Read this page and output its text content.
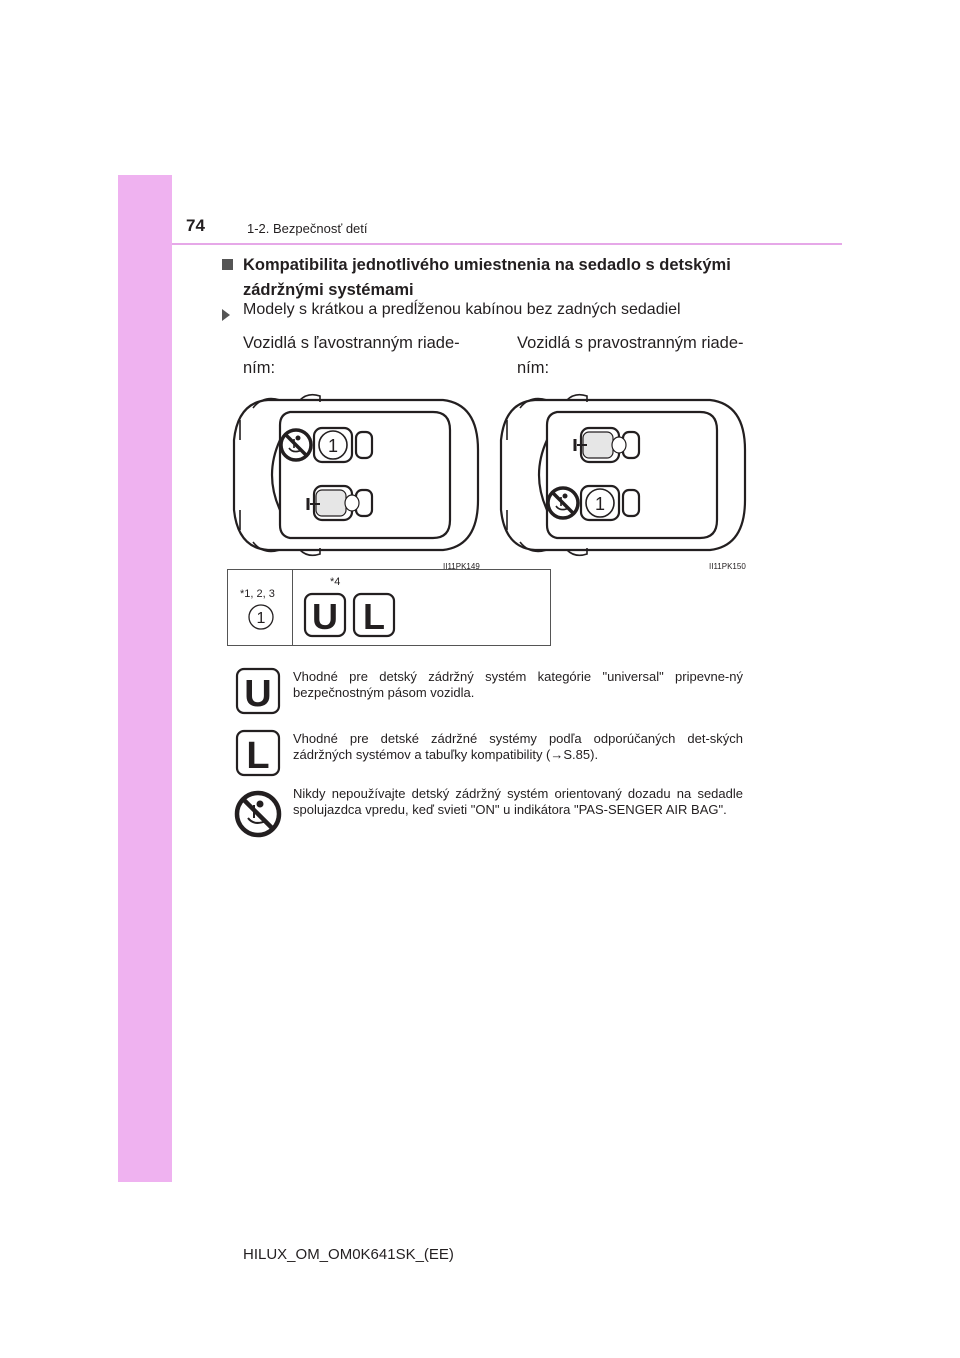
74	1-2. Bezpečnosť detí
Kompatibilita jednotlivého umiestnenia na sedadlo s detskými zádržnými systémami
Modely s krátkou a predĺženou kabínou bez zadných sedadiel
Vozidlá s ľavostranným riade-ním:
Vozidlá s pravostranným riade-ním:
1
II11PK149
1
II11PK150
*1, 2, 3
*4
1 U L
U Vhodné pre detský zádržný systém kategórie "universal" pripevne-ný bezpečnostným pásom vozidla.
L Vhodné pre detské zádržné systémy podľa odporúčaných det-ských zádržných systémov a tabuľky kompatibility (→S.85).
Nikdy nepoužívajte detský zádržný systém orientovaný dozadu na sedadle spolujazdca vpredu, keď svieti "ON" u indikátora "PAS-SENGER AIR BAG".
HILUX_OM_OM0K641SK_(EE)
